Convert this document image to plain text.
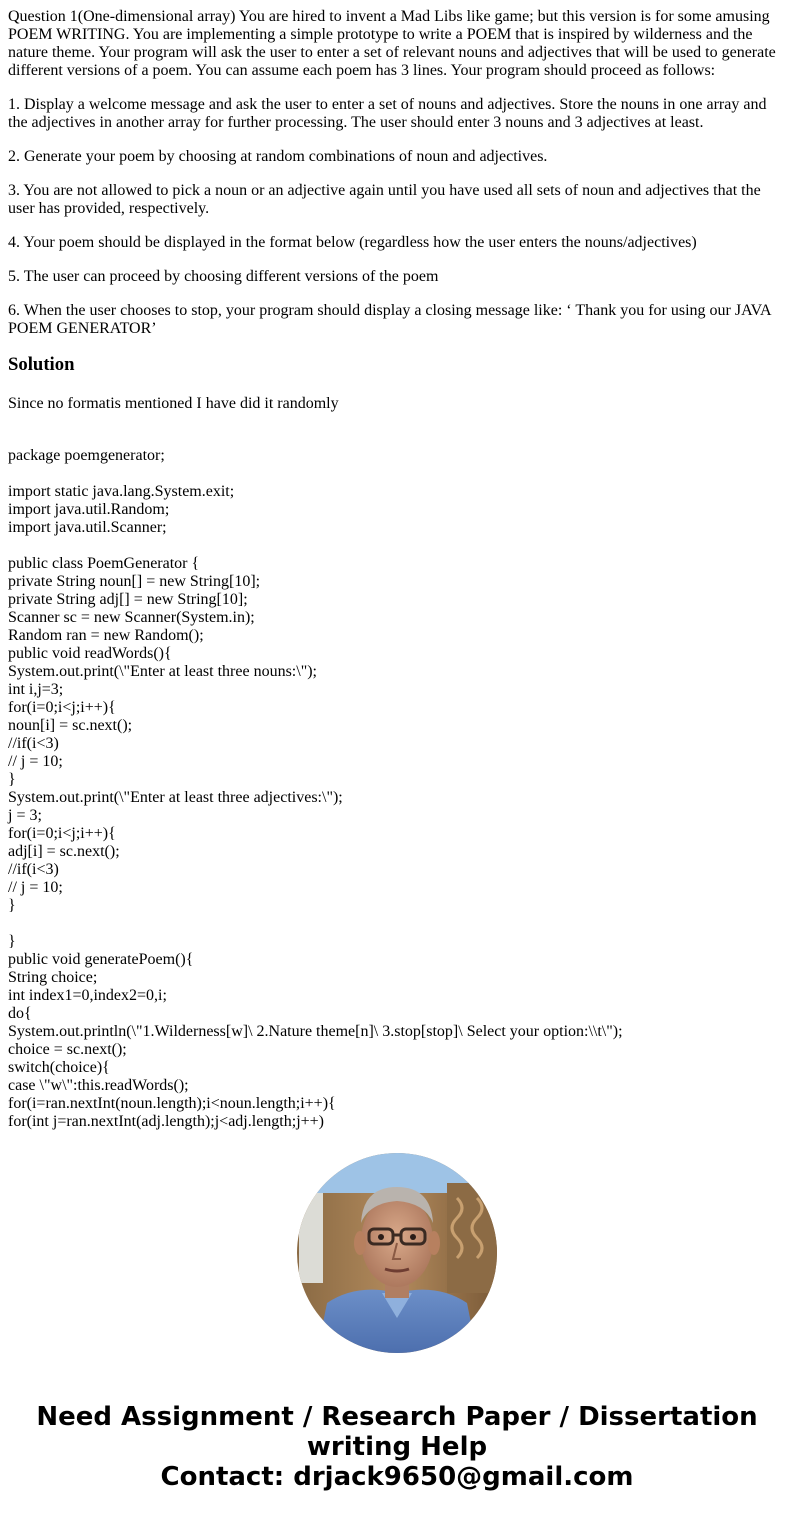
Question 1(One-dimensional array) You are hired to invent a Mad Libs like game; but this version is for some amusing POEM WRITING. You are implementing a simple prototype to write a POEM that is inspired by wilderness and the nature theme. Your program will ask the user to enter a set of relevant nouns and adjectives that will be used to generate different versions of a poem. You can assume each poem has 3 lines. Your program should proceed as follows:

1. Display a welcome message and ask the user to enter a set of nouns and adjectives. Store the nouns in one array and the adjectives in another array for further processing. The user should enter 3 nouns and 3 adjectives at least.

2. Generate your poem by choosing at random combinations of noun and adjectives.

3. You are not allowed to pick a noun or an adjective again until you have used all sets of noun and adjectives that the user has provided, respectively.

4. Your poem should be displayed in the format below (regardless how the user enters the nouns/adjectives)

5. The user can proceed by choosing different versions of the poem

6. When the user chooses to stop, your program should display a closing message like: ‘ Thank you for using our JAVA POEM GENERATOR’

Solution

Since no formatis mentioned I have did it randomly

package poemgenerator;
import static java.lang.System.exit;
import java.util.Random;
import java.util.Scanner;
public class PoemGenerator {
private String noun[] = new String[10];
private String adj[] = new String[10];
Scanner sc = new Scanner(System.in);
Random ran = new Random();
public void readWords(){
System.out.print(\"Enter at least three nouns:\");
int i,j=3;
for(i=0;i<j;i++){
noun[i] = sc.next();
//if(i<3)
// j = 10;
}
System.out.print(\"Enter at least three adjectives:\");
j = 3;
for(i=0;i<j;i++){
adj[i] = sc.next();
//if(i<3)
// j = 10;
}
}
public void generatePoem(){
String choice;
int index1=0,index2=0,i;
do{
System.out.println(\"1.Wilderness[w]\ 2.Nature theme[n]\ 3.stop[stop]\ Select your option:\\t\");
choice = sc.next();
switch(choice){
case \"w\":this.readWords();
for(i=ran.nextInt(noun.length);i<noun.length;i++){
for(int j=ran.nextInt(adj.length);j<adj.length;j++)
Need Assignment / Research Paper / Dissertation
writing Help
Contact: drjack9650@gmail.com
